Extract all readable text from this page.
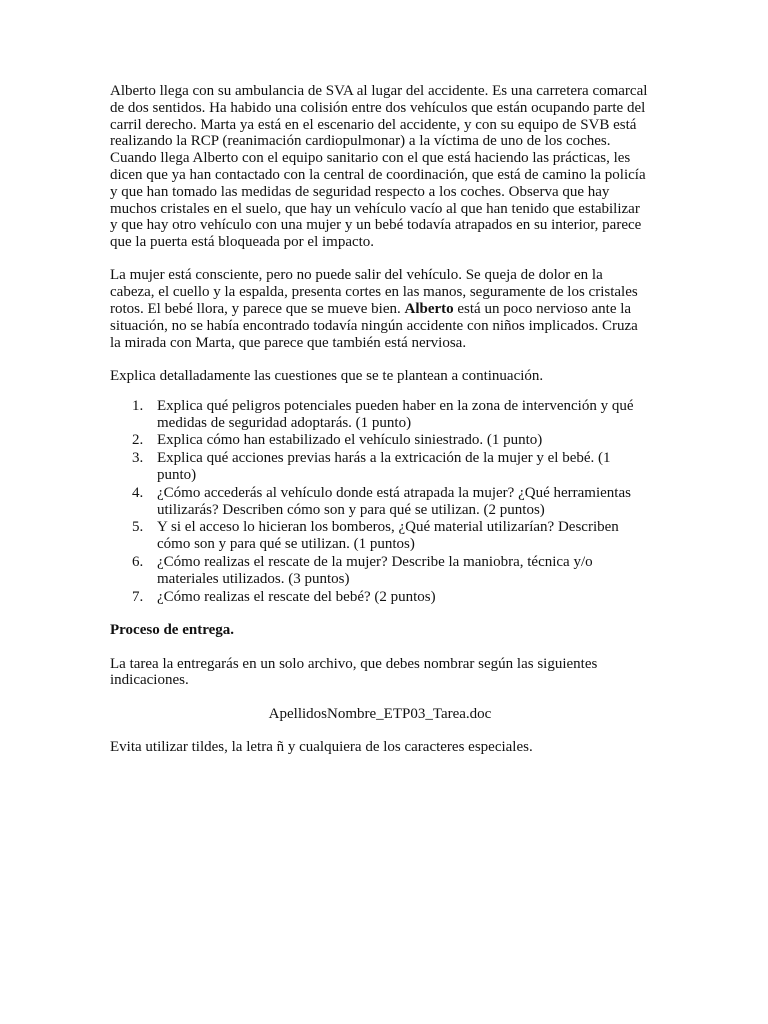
Alberto llega con su ambulancia de SVA al lugar del accidente. Es una carretera comarcal de dos sentidos. Ha habido una colisión entre dos vehículos que están ocupando parte del carril derecho. Marta ya está en el escenario del accidente, y con su equipo de SVB está realizando la RCP (reanimación cardiopulmonar) a la víctima de uno de los coches. Cuando llega Alberto con el equipo sanitario con el que está haciendo las prácticas, les dicen que ya han contactado con la central de coordinación, que está de camino la policía y que han tomado las medidas de seguridad respecto a los coches. Observa que hay muchos cristales en el suelo, que hay un vehículo vacío al que han tenido que estabilizar y que hay otro vehículo con una mujer y un bebé todavía atrapados en su interior, parece que la puerta está bloqueada por el impacto.

La mujer está consciente, pero no puede salir del vehículo. Se queja de dolor en la cabeza, el cuello y la espalda, presenta cortes en las manos, seguramente de los cristales rotos. El bebé llora, y parece que se mueve bien. Alberto está un poco nervioso ante la situación, no se había encontrado todavía ningún accidente con niños implicados. Cruza la mirada con Marta, que parece que también está nerviosa.

Explica detalladamente las cuestiones que se te plantean a continuación.

1. Explica qué peligros potenciales pueden haber en la zona de intervención y qué medidas de seguridad adoptarás. (1 punto)
2. Explica cómo han estabilizado el vehículo siniestrado. (1 punto)
3. Explica qué acciones previas harás a la extricación de la mujer y el bebé. (1 punto)
4. ¿Cómo accederás al vehículo donde está atrapada la mujer? ¿Qué herramientas utilizarás? Describen cómo son y para qué se utilizan. (2 puntos)
5. Y si el acceso lo hicieran los bomberos, ¿Qué material utilizarían? Describen cómo son y para qué se utilizan. (1 puntos)
6. ¿Cómo realizas el rescate de la mujer? Describe la maniobra, técnica y/o materiales utilizados. (3 puntos)
7. ¿Cómo realizas el rescate del bebé? (2 puntos)

Proceso de entrega.

La tarea la entregarás en un solo archivo, que debes nombrar según las siguientes indicaciones.

ApellidosNombre_ETP03_Tarea.doc

Evita utilizar tildes, la letra ñ y cualquiera de los caracteres especiales.
